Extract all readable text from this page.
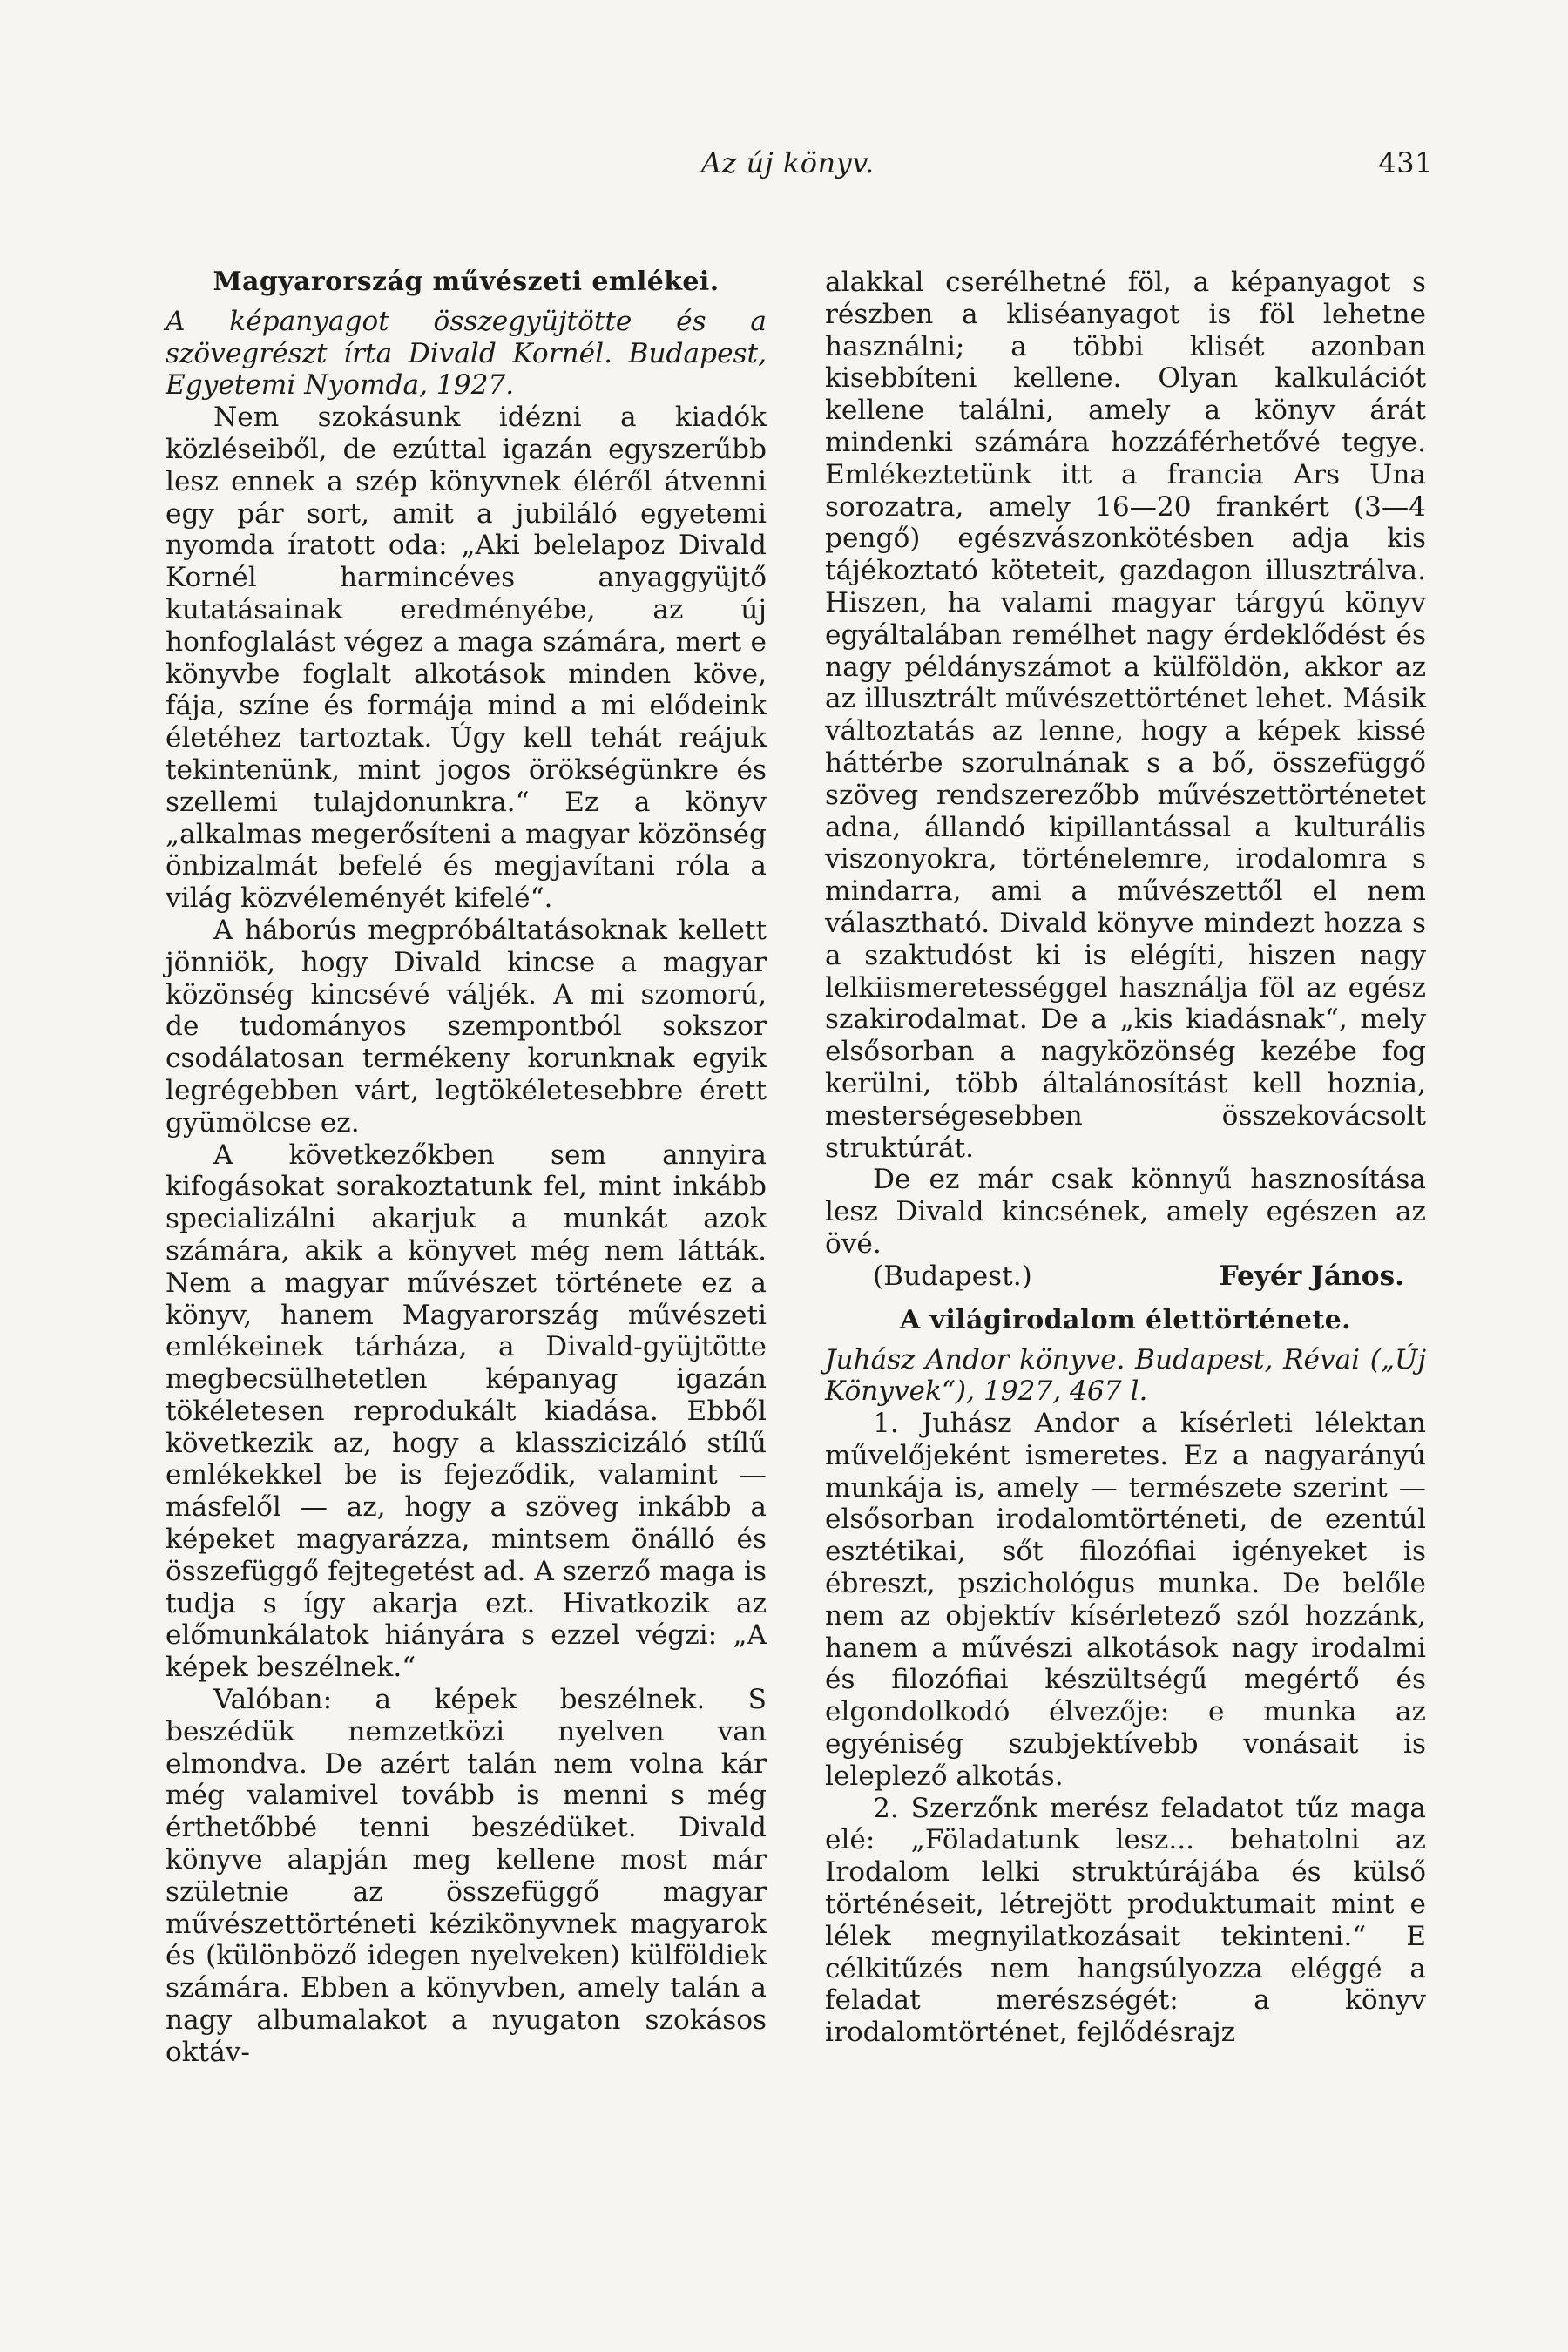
Az új könyv.	431
Magyarország művészeti emlékei.

A képanyagot összegyüjtötte és a szövegrészt írta Divald Kornél. Budapest, Egyetemi Nyomda, 1927.

Nem szokásunk idézni a kiadók közléseiből, de ezúttal igazán egyszerűbb lesz ennek a szép könyvnek éléről átvenni egy pár sort, amit a jubiláló egyetemi nyomda íratott oda: „Aki belelapoz Divald Kornél harmincéves anyaggyüjtő kutatásainak eredményébe, az új honfoglalást végez a maga számára, mert e könyvbe foglalt alkotások minden köve, fája, színe és formája mind a mi elődeink életéhez tartoztak. Úgy kell tehát reájuk tekintenünk, mint jogos örökségünkre és szellemi tulajdonunkra.“ Ez a könyv „alkalmas megerősíteni a magyar közönség önbizalmát befelé és megjavítani róla a világ közvéleményét kifelé“.

A háborús megpróbáltatásoknak kellett jönniök, hogy Divald kincse a magyar közönség kincsévé váljék. A mi szomorú, de tudományos szempontból sokszor csodálatosan termékeny korunknak egyik legrégebben várt, legtökéletesebbre érett gyümölcse ez.

A következőkben sem annyira kifogásokat sorakoztatunk fel, mint inkább specializálni akarjuk a munkát azok számára, akik a könyvet még nem látták. Nem a magyar művészet története ez a könyv, hanem Magyarország művészeti emlékeinek tárháza, a Divald-gyüjtötte megbecsülhetetlen képanyag igazán tökéletesen reprodukált kiadása. Ebből következik az, hogy a klasszicizáló stílű emlékekkel be is fejeződik, valamint — másfelől — az, hogy a szöveg inkább a képeket magyarázza, mintsem önálló és összefüggő fejtegetést ad. A szerző maga is tudja s így akarja ezt. Hivatkozik az előmunkálatok hiányára s ezzel végzi: „A képek beszélnek.“

Valóban: a képek beszélnek. S beszédük nemzetközi nyelven van elmondva. De azért talán nem volna kár még valamivel tovább is menni s még érthetőbbé tenni beszédüket. Divald könyve alapján meg kellene most már születnie az összefüggő magyar művészettörténeti kézikönyvnek magyarok és (különböző idegen nyelveken) külföldiek számára. Ebben a könyvben, amely talán a nagy albumalakot a nyugaton szokásos oktáv-

alakkal cserélhetné föl, a képanyagot s részben a kliséanyagot is föl lehetne használni; a többi klisét azonban kisebbíteni kellene. Olyan kalkulációt kellene találni, amely a könyv árát mindenki számára hozzáférhetővé tegye. Emlékeztetünk itt a francia Ars Una sorozatra, amely 16—20 frankért (3—4 pengő) egészvászonkötésben adja kis tájékoztató köteteit, gazdagon illusztrálva. Hiszen, ha valami magyar tárgyú könyv egyáltalában remélhet nagy érdeklődést és nagy példányszámot a külföldön, akkor az az illusztrált művészettörténet lehet. Másik változtatás az lenne, hogy a képek kissé háttérbe szorulnának s a bő, összefüggő szöveg rendszerezőbb művészettörténetet adna, állandó kipillantással a kulturális viszonyokra, történelemre, irodalomra s mindarra, ami a művészettől el nem választható. Divald könyve mindezt hozza s a szaktudóst ki is elégíti, hiszen nagy lelkiismeretességgel használja föl az egész szakirodalmat. De a „kis kiadásnak“, mely elsősorban a nagyközönség kezébe fog kerülni, több általánosítást kell hoznia, mesterségesebben összekovácsolt struktúrát.

De ez már csak könnyű hasznosítása lesz Divald kincsének, amely egészen az övé.

(Budapest.)	Feyér János.
A világirodalom élettörténete.

Juhász Andor könyve. Budapest, Révai („Új Könyvek“), 1927, 467 l.

1. Juhász Andor a kísérleti lélektan művelőjeként ismeretes. Ez a nagyarányú munkája is, amely — természete szerint — elsősorban irodalomtörténeti, de ezentúl esztétikai, sőt filozófiai igényeket is ébreszt, pszichológus munka. De belőle nem az objektív kísérletező szól hozzánk, hanem a művészi alkotások nagy irodalmi és filozófiai készültségű megértő és elgondolkodó élvezője: e munka az egyéniség szubjektívebb vonásait is leleplező alkotás.

2. Szerzőnk merész feladatot tűz maga elé: „Föladatunk lesz... behatolni az Irodalom lelki struktúrájába és külső történéseit, létrejött produktumait mint e lélek megnyilatkozásait tekinteni.“ E célkitűzés nem hangsúlyozza eléggé a feladat merészségét: a könyv irodalomtörténet, fejlődésrajz
